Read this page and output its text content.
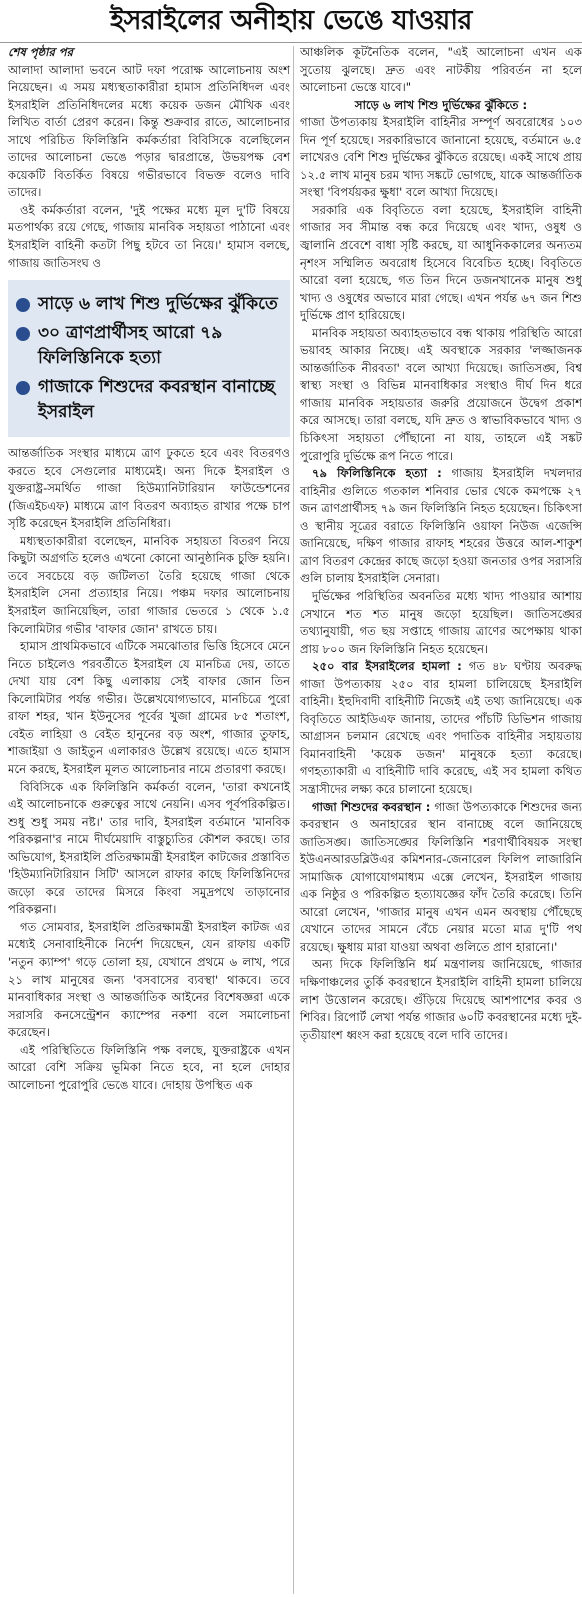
ইসরাইলের অনীহায় ভেঙে যাওয়ার

শেষ পৃষ্ঠার পর
আলাদা আলাদা ভবনে আট দফা পরোক্ষ আলোচনায় অংশ নিয়েছেন। এ সময় মধ্যস্থতাকারীরা হামাস প্রতিনিধিদল এবং ইসরাইলি প্রতিনিধিদলের মধ্যে কয়েক ডজন মৌখিক এবং লিখিত বার্তা প্রেরণ করেন। কিন্তু শুক্রবার রাতে, আলোচনার সাথে পরিচিত ফিলিস্তিনি কর্মকর্তারা বিবিসিকে বলেছিলেন তাদের আলোচনা ভেঙে পড়ার দ্বারপ্রান্তে, উভয়পক্ষ বেশ কয়েকটি বিতর্কিত বিষয়ে গভীরভাবে বিভক্ত বলেও দাবি তাদের।

ওই কর্মকর্তারা বলেন, 'দুই পক্ষের মধ্যে মূল দু'টি বিষয়ে মতপার্থক্য রয়ে গেছে, গাজায় মানবিক সহায়তা পাঠানো এবং ইসরাইলি বাহিনী কতটা পিছু হটবে তা নিয়ে।' হামাস বলছে, গাজায় জাতিসংঘ ও

সাড়ে ৬ লাখ শিশু দুর্ভিক্ষের ঝুঁকিতে
৩০ ত্রাণপ্রার্থীসহ আরো ৭৯ ফিলিস্তিনিকে হত্যা
গাজাকে শিশুদের কবরস্থান বানাচ্ছে ইসরাইল

আন্তর্জাতিক সংস্থার মাধ্যমে ত্রাণ ঢুকতে হবে এবং বিতরণও করতে হবে সেগুলোর মাধ্যমেই। অন্য দিকে ইসরাইল ও যুক্তরাষ্ট্র-সমর্থিত গাজা হিউম্যানিটারিয়ান ফাউন্ডেশনের (জিএইচএফ) মাধ্যমে ত্রাণ বিতরণ অব্যাহত রাখার পক্ষে চাপ সৃষ্টি করেছেন ইসরাইলি প্রতিনিধিরা।

মধ্যস্থতাকারীরা বলেছেন, মানবিক সহায়তা বিতরণ নিয়ে কিছুটা অগ্রগতি হলেও এখনো কোনো আনুষ্ঠানিক চুক্তি হয়নি। তবে সবচেয়ে বড় জটিলতা তৈরি হয়েছে গাজা থেকে ইসরাইলি সেনা প্রত্যাহার নিয়ে। পঞ্চম দফার আলোচনায় ইসরাইল জানিয়েছিল, তারা গাজার ভেতরে ১ থেকে ১.৫ কিলোমিটার গভীর 'বাফার জোন' রাখতে চায়।

হামাস প্রাথমিকভাবে এটিকে সমঝোতার ভিত্তি হিসেবে মেনে নিতে চাইলেও পরবর্তীতে ইসরাইল যে মানচিত্র দেয়, তাতে দেখা যায় বেশ কিছু এলাকায় সেই বাফার জোন তিন কিলোমিটার পর্যন্ত গভীর। উল্লেখযোগ্যভাবে, মানচিত্রে পুরো রাফা শহর, খান ইউনুসের পূর্বের খুজা গ্রামের ৮৫ শতাংশ, বেইত লাহিয়া ও বেইত হানুনের বড় অংশ, গাজার তুফাহ, শাজাইয়া ও জাইতুন এলাকারও উল্লেখ রয়েছে। এতে হামাস মনে করছে, ইসরাইল মূলত আলোচনার নামে প্রতারণা করছে।

বিবিসিকে এক ফিলিস্তিনি কর্মকর্তা বলেন, 'তারা কখনোই এই আলোচনাকে গুরুত্বের সাথে নেয়নি। এসব পূর্বপরিকল্পিত। শুধু শুধু সময় নষ্ট।' তার দাবি, ইসরাইল বর্তমানে 'মানবিক পরিকল্পনা'র নামে দীর্ঘমেয়াদি বাস্তুচ্যুতির কৌশল করছে। তার অভিযোগ, ইসরাইলি প্রতিরক্ষামন্ত্রী ইসরাইল কাটজের প্রস্তাবিত 'হিউম্যানিটারিয়ান সিটি' আসলে রাফার কাছে ফিলিস্তিনিদের জড়ো করে তাদের মিসরে কিংবা সমুদ্রপথে তাড়ানোর পরিকল্পনা।

গত সোমবার, ইসরাইলি প্রতিরক্ষামন্ত্রী ইসরাইল কাটজ এর মধ্যেই সেনাবাহিনীকে নির্দেশ দিয়েছেন, যেন রাফায় একটি 'নতুন ক্যাম্প' গড়ে তোলা হয়, যেখানে প্রথমে ৬ লাখ, পরে ২১ লাখ মানুষের জন্য 'বসবাসের ব্যবস্থা' থাকবে। তবে মানবাধিকার সংস্থা ও আন্তর্জাতিক আইনের বিশেষজ্ঞরা একে সরাসরি কনসেন্ট্রেশন ক্যাম্পের নকশা বলে সমালোচনা করেছেন।

এই পরিস্থিতিতে ফিলিস্তিনি পক্ষ বলছে, যুক্তরাষ্ট্রকে এখন আরো বেশি সক্রিয় ভূমিকা নিতে হবে, না হলে দোহার আলোচনা পুরোপুরি ভেঙে যাবে। দোহায় উপস্থিত এক

আঞ্চলিক কূটনৈতিক বলেন, "এই আলোচনা এখন এক সুতোয় ঝুলছে। দ্রুত এবং নাটকীয় পরিবর্তন না হলে আলোচনা ভেস্তে যাবে।"

সাড়ে ৬ লাখ শিশু দুর্ভিক্ষের ঝুঁকিতে :

গাজা উপত্যকায় ইসরাইলি বাহিনীর সম্পূর্ণ অবরোধের ১০৩ দিন পূর্ণ হয়েছে। সরকারিভাবে জানানো হয়েছে, বর্তমানে ৬.৫ লাখেরও বেশি শিশু দুর্ভিক্ষের ঝুঁকিতে রয়েছে। একই সাথে প্রায় ১২.৫ লাখ মানুষ চরম খাদ্য সঙ্কটে ভোগছে, যাকে আন্তর্জাতিক সংস্থা 'বিপর্যয়কর ক্ষুধা' বলে আখ্যা দিয়েছে।

সরকারি এক বিবৃতিতে বলা হয়েছে, ইসরাইলি বাহিনী গাজার সব সীমান্ত বন্ধ করে দিয়েছে এবং খাদ্য, ওষুধ ও জ্বালানি প্রবেশে বাধা সৃষ্টি করছে, যা আধুনিককালের অন্যতম নৃশংস সম্মিলিত অবরোধ হিসেবে বিবেচিত হচ্ছে। বিবৃতিতে আরো বলা হয়েছে, গত তিন দিনে ডজনখানেক মানুষ শুধু খাদ্য ও ওষুধের অভাবে মারা গেছে। এখন পর্যন্ত ৬৭ জন শিশু দুর্ভিক্ষে প্রাণ হারিয়েছে।

মানবিক সহায়তা অব্যাহতভাবে বন্ধ থাকায় পরিস্থিতি আরো ভয়াবহ আকার নিচ্ছে। এই অবস্থাকে সরকার 'লজ্জাজনক আন্তর্জাতিক নীরবতা' বলে আখ্যা দিয়েছে। জাতিসঙ্ঘ, বিশ্ব স্বাস্থ্য সংস্থা ও বিভিন্ন মানবাধিকার সংস্থাও দীর্ঘ দিন ধরে গাজায় মানবিক সহায়তার জরুরি প্রয়োজনে উদ্বেগ প্রকাশ করে আসছে। তারা বলছে, যদি দ্রুত ও স্বাভাবিকভাবে খাদ্য ও চিকিৎসা সহায়তা পৌঁছানো না যায়, তাহলে এই সঙ্কট পুরোপুরি দুর্ভিক্ষে রূপ নিতে পারে।

৭৯ ফিলিস্তিনিকে হত্যা : গাজায় ইসরাইলি দখলদার বাহিনীর গুলিতে গতকাল শনিবার ভোর থেকে কমপক্ষে ২৭ জন ত্রাণপ্রার্থীসহ ৭৯ জন ফিলিস্তিনি নিহত হয়েছেন। চিকিৎসা ও স্থানীয় সূত্রের বরাতে ফিলিস্তিনি ওয়াফা নিউজ এজেন্সি জানিয়েছে, দক্ষিণ গাজার রাফাহ শহরের উত্তরে আল-শাকুশ ত্রাণ বিতরণ কেন্দ্রের কাছে জড়ো হওয়া জনতার ওপর সরাসরি গুলি চালায় ইসরাইলি সেনারা।

দুর্ভিক্ষের পরিস্থিতির অবনতির মধ্যে খাদ্য পাওয়ার আশায় সেখানে শত শত মানুষ জড়ো হয়েছিল। জাতিসঙ্ঘের তথ্যানুযায়ী, গত ছয় সপ্তাহে গাজায় ত্রাণের অপেক্ষায় থাকা প্রায় ৮০০ জন ফিলিস্তিনি নিহত হয়েছেন।

২৫০ বার ইসরাইলের হামলা : গত ৪৮ ঘণ্টায় অবরুদ্ধ গাজা উপত্যকায় ২৫০ বার হামলা চালিয়েছে ইসরাইলি বাহিনী। ইহুদিবাদী বাহিনীটি নিজেই এই তথ্য জানিয়েছে। এক বিবৃতিতে আইডিএফ জানায়, তাদের পাঁচটি ডিভিশন গাজায় আগ্রাসন চলমান রেখেছে এবং পদাতিক বাহিনীর সহায়তায় বিমানবাহিনী 'কয়েক ডজন' মানুষকে হত্যা করেছে। গণহত্যাকারী এ বাহিনীটি দাবি করেছে, এই সব হামলা কথিত সন্ত্রাসীদের লক্ষ্য করে চালানো হয়েছে।

গাজা শিশুদের কবরস্থান : গাজা উপত্যকাকে শিশুদের জন্য কবরস্থান ও অনাহারের স্থান বানাচ্ছে বলে জানিয়েছে জাতিসঙ্ঘ। জাতিসঙ্ঘের ফিলিস্তিনি শরণার্থীবিষয়ক সংস্থা ইউএনআরডব্লিউএর কমিশনার-জেনারেল ফিলিপ লাজারিনি সামাজিক যোগাযোগমাধ্যম এক্সে লেখেন, ইসরাইল গাজায় এক নিষ্ঠুর ও পরিকল্পিত হত্যাযজ্ঞের ফাঁদ তৈরি করেছে। তিনি আরো লেখেন, 'গাজার মানুষ এখন এমন অবস্থায় পৌঁছেছে যেখানে তাদের সামনে বেঁচে নেয়ার মতো মাত্র দু'টি পথ রয়েছে। ক্ষুধায় মারা যাওয়া অথবা গুলিতে প্রাণ হারানো।'

অন্য দিকে ফিলিস্তিনি ধর্ম মন্ত্রণালয় জানিয়েছে, গাজার দক্ষিণাঞ্চলের তুর্কি কবরস্থানে ইসরাইলি বাহিনী হামলা চালিয়ে লাশ উত্তোলন করেছে। গুঁড়িয়ে দিয়েছে আশপাশের কবর ও শিবির। রিপোর্ট লেখা পর্যন্ত গাজার ৬০টি কবরস্থানের মধ্যে দুই-তৃতীয়াংশ ধ্বংস করা হয়েছে বলে দাবি তাদের।
